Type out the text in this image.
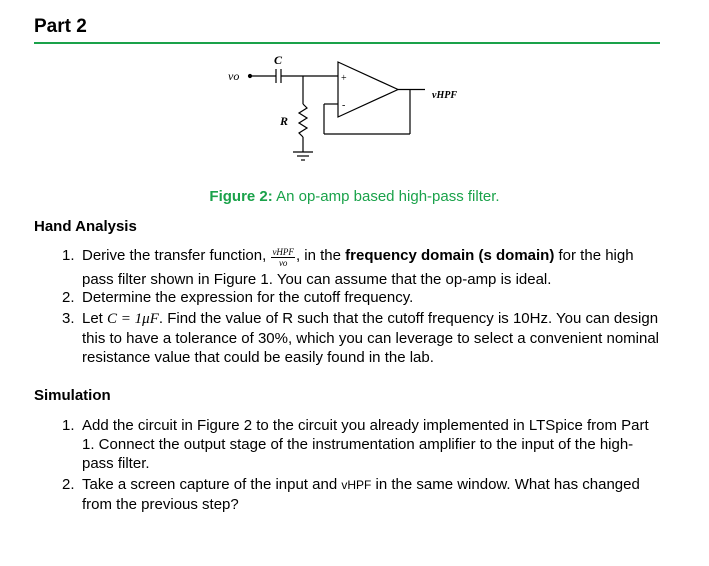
Part 2
vo
C
R
vHPF
+
-
Figure 2: An op-amp based high-pass filter.
Hand Analysis
1. Derive the transfer function, $\frac{\text{vHPF}}{vo}$ , in the frequency domain (s domain) for the high pass filter shown in Figure 1. You can assume that the op-amp is ideal.
2. Determine the expression for the cutoff frequency.
3. Let C = 1μF. Find the value of R such that the cutoff frequency is 10Hz. You can design this to have a tolerance of 30%, which you can leverage to select a convenient nominal resistance value that could be easily found in the lab.
Simulation
1. Add the circuit in Figure 2 to the circuit you already implemented in LTSpice from Part 1. Connect the output stage of the instrumentation amplifier to the input of the high-pass filter.
2. Take a screen capture of the input and vHPF in the same window. What has changed from the previous step?
